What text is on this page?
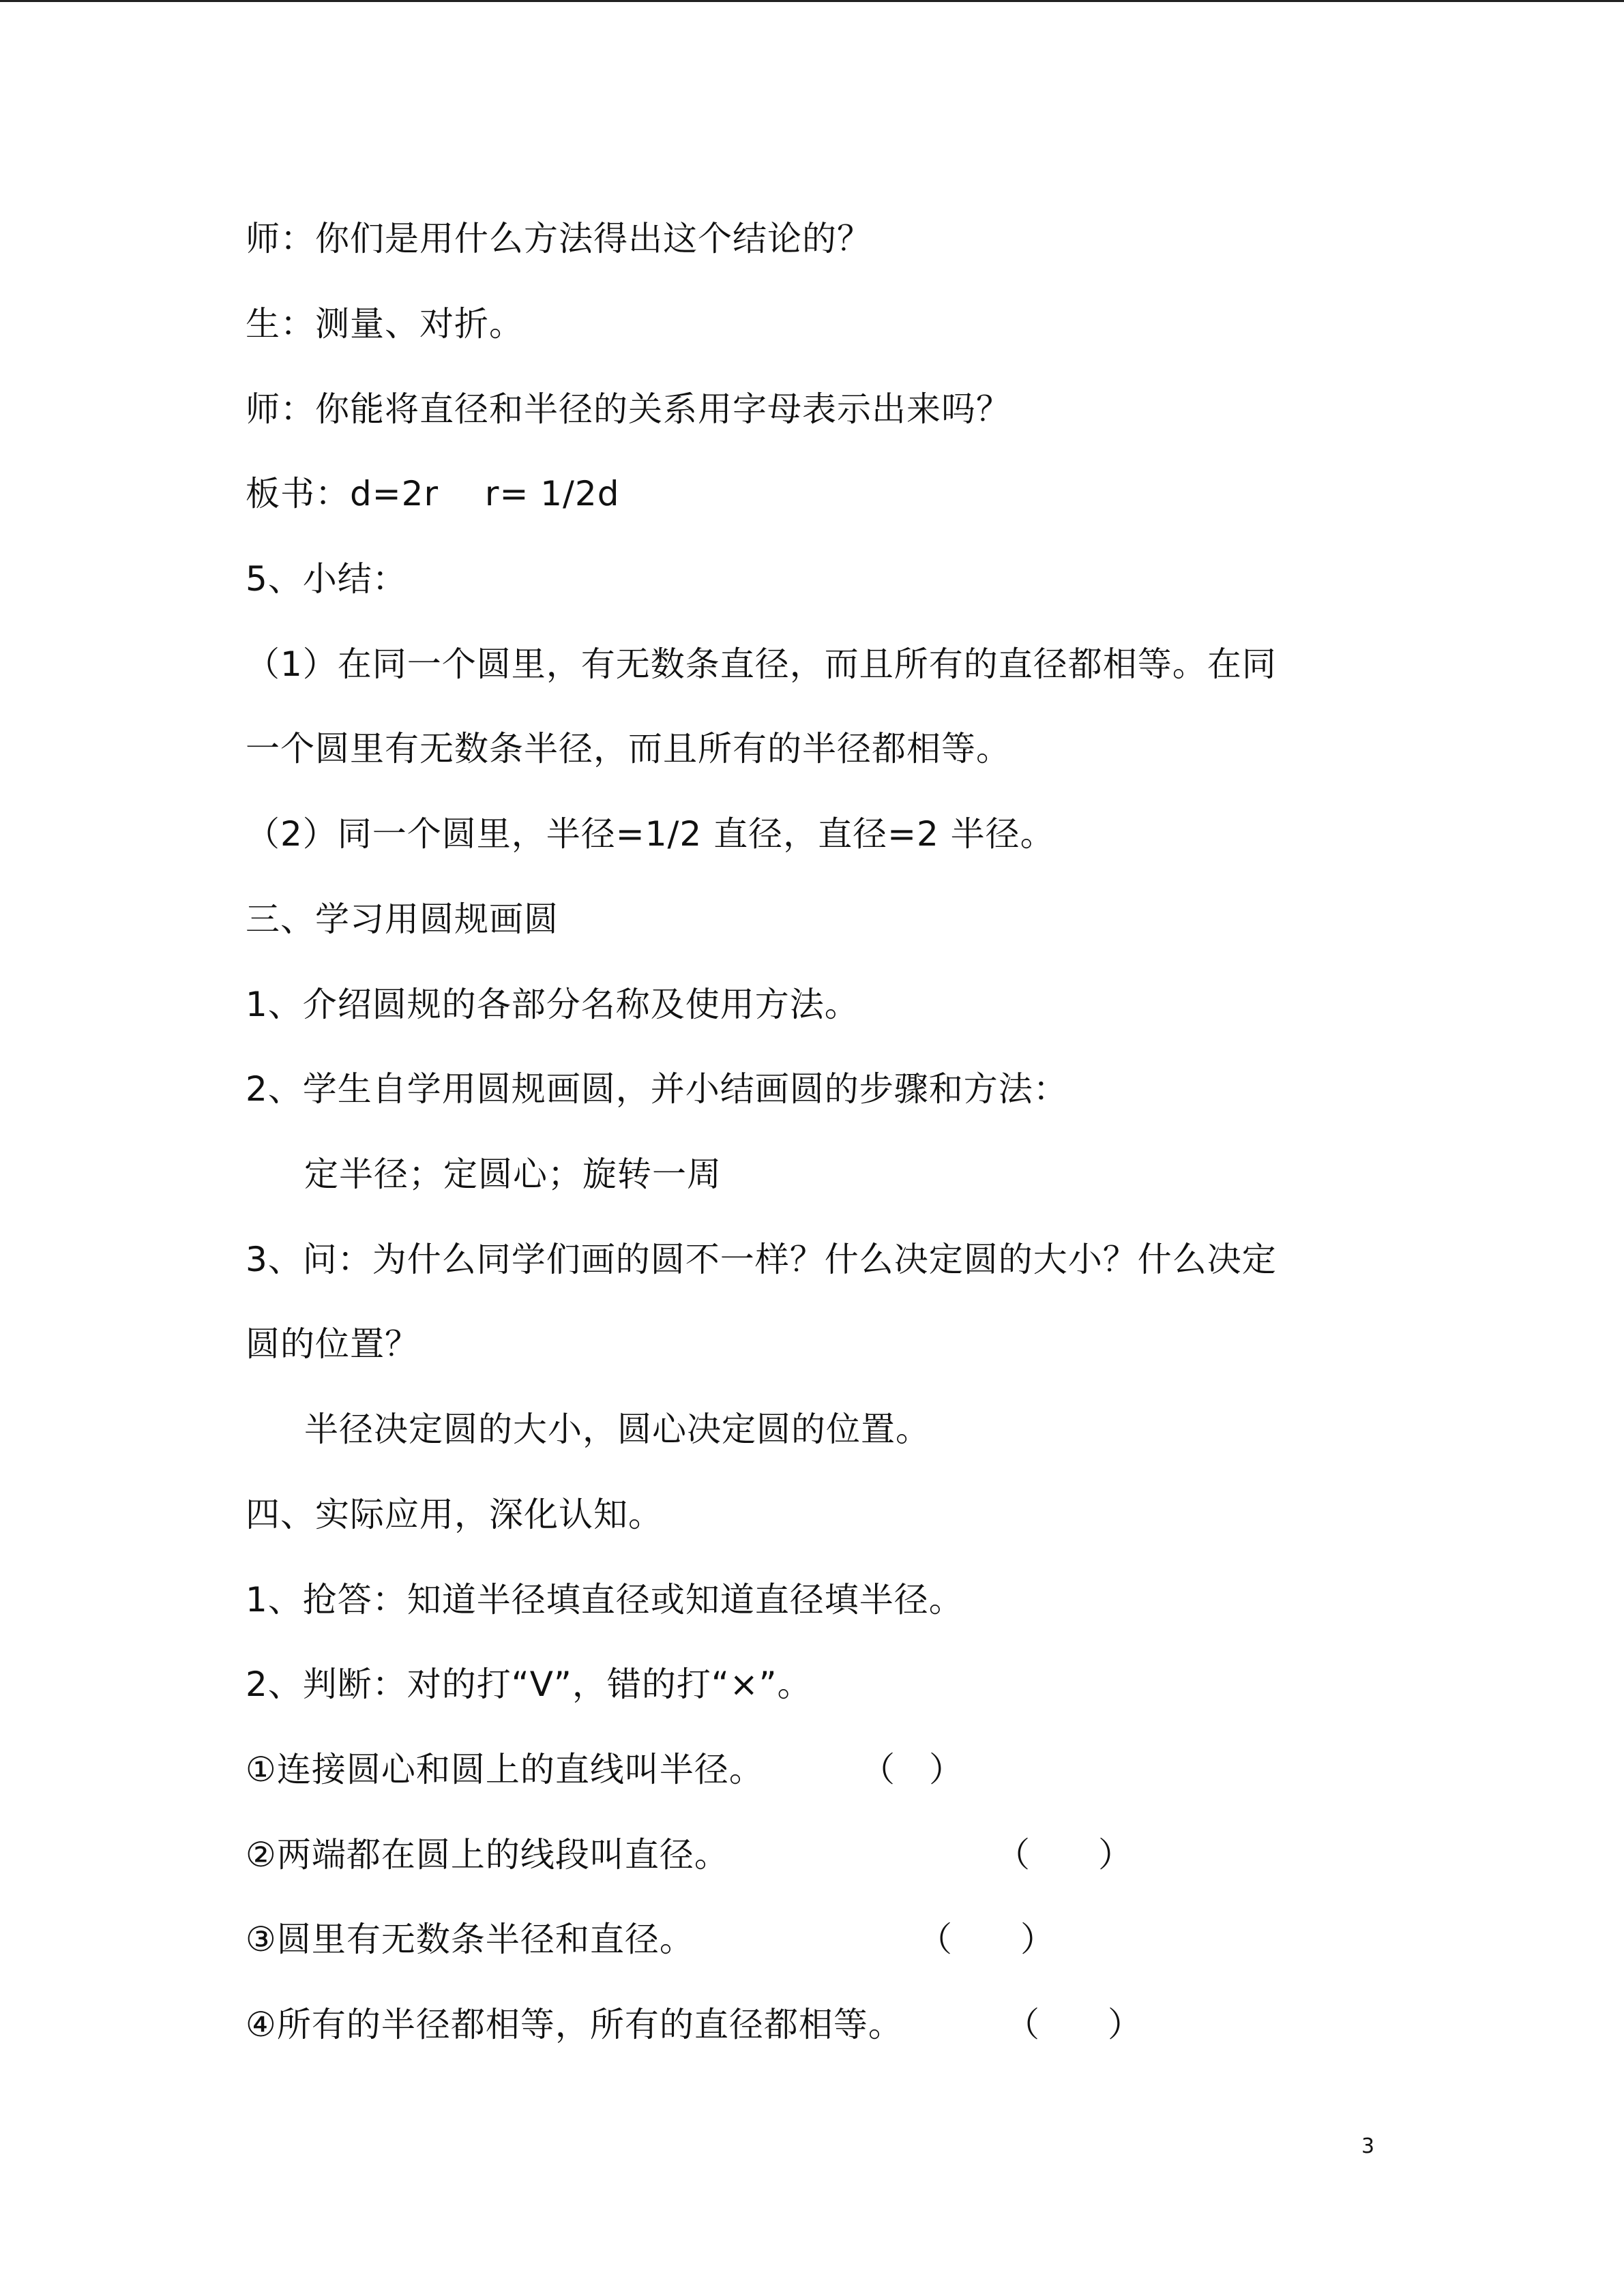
师：你们是用什么方法得出这个结论的？
生：测量、对折。
师：你能将直径和半径的关系用字母表示出来吗？
板书：d=2r　 r= 1/2d
5、小结：
（1）在同一个圆里，有无数条直径，而且所有的直径都相等。在同
一个圆里有无数条半径，而且所有的半径都相等。
（2）同一个圆里，半径=1/2 直径，直径=2 半径。
三、学习用圆规画圆
1、介绍圆规的各部分名称及使用方法。
2、学生自学用圆规画圆，并小结画圆的步骤和方法：
定半径；定圆心；旋转一周
3、问：为什么同学们画的圆不一样？什么决定圆的大小？什么决定
圆的位置？
半径决定圆的大小，圆心决定圆的位置。
四、实际应用，深化认知。
1、抢答：知道半径填直径或知道直径填半径。
2、判断：对的打“V”，错的打“×”。
①连接圆心和圆上的直线叫半径。	（　）
②两端都在圆上的线段叫直径。	（　　）
③圆里有无数条半径和直径。	（　　）
④所有的半径都相等，所有的直径都相等。	（　　）
3
